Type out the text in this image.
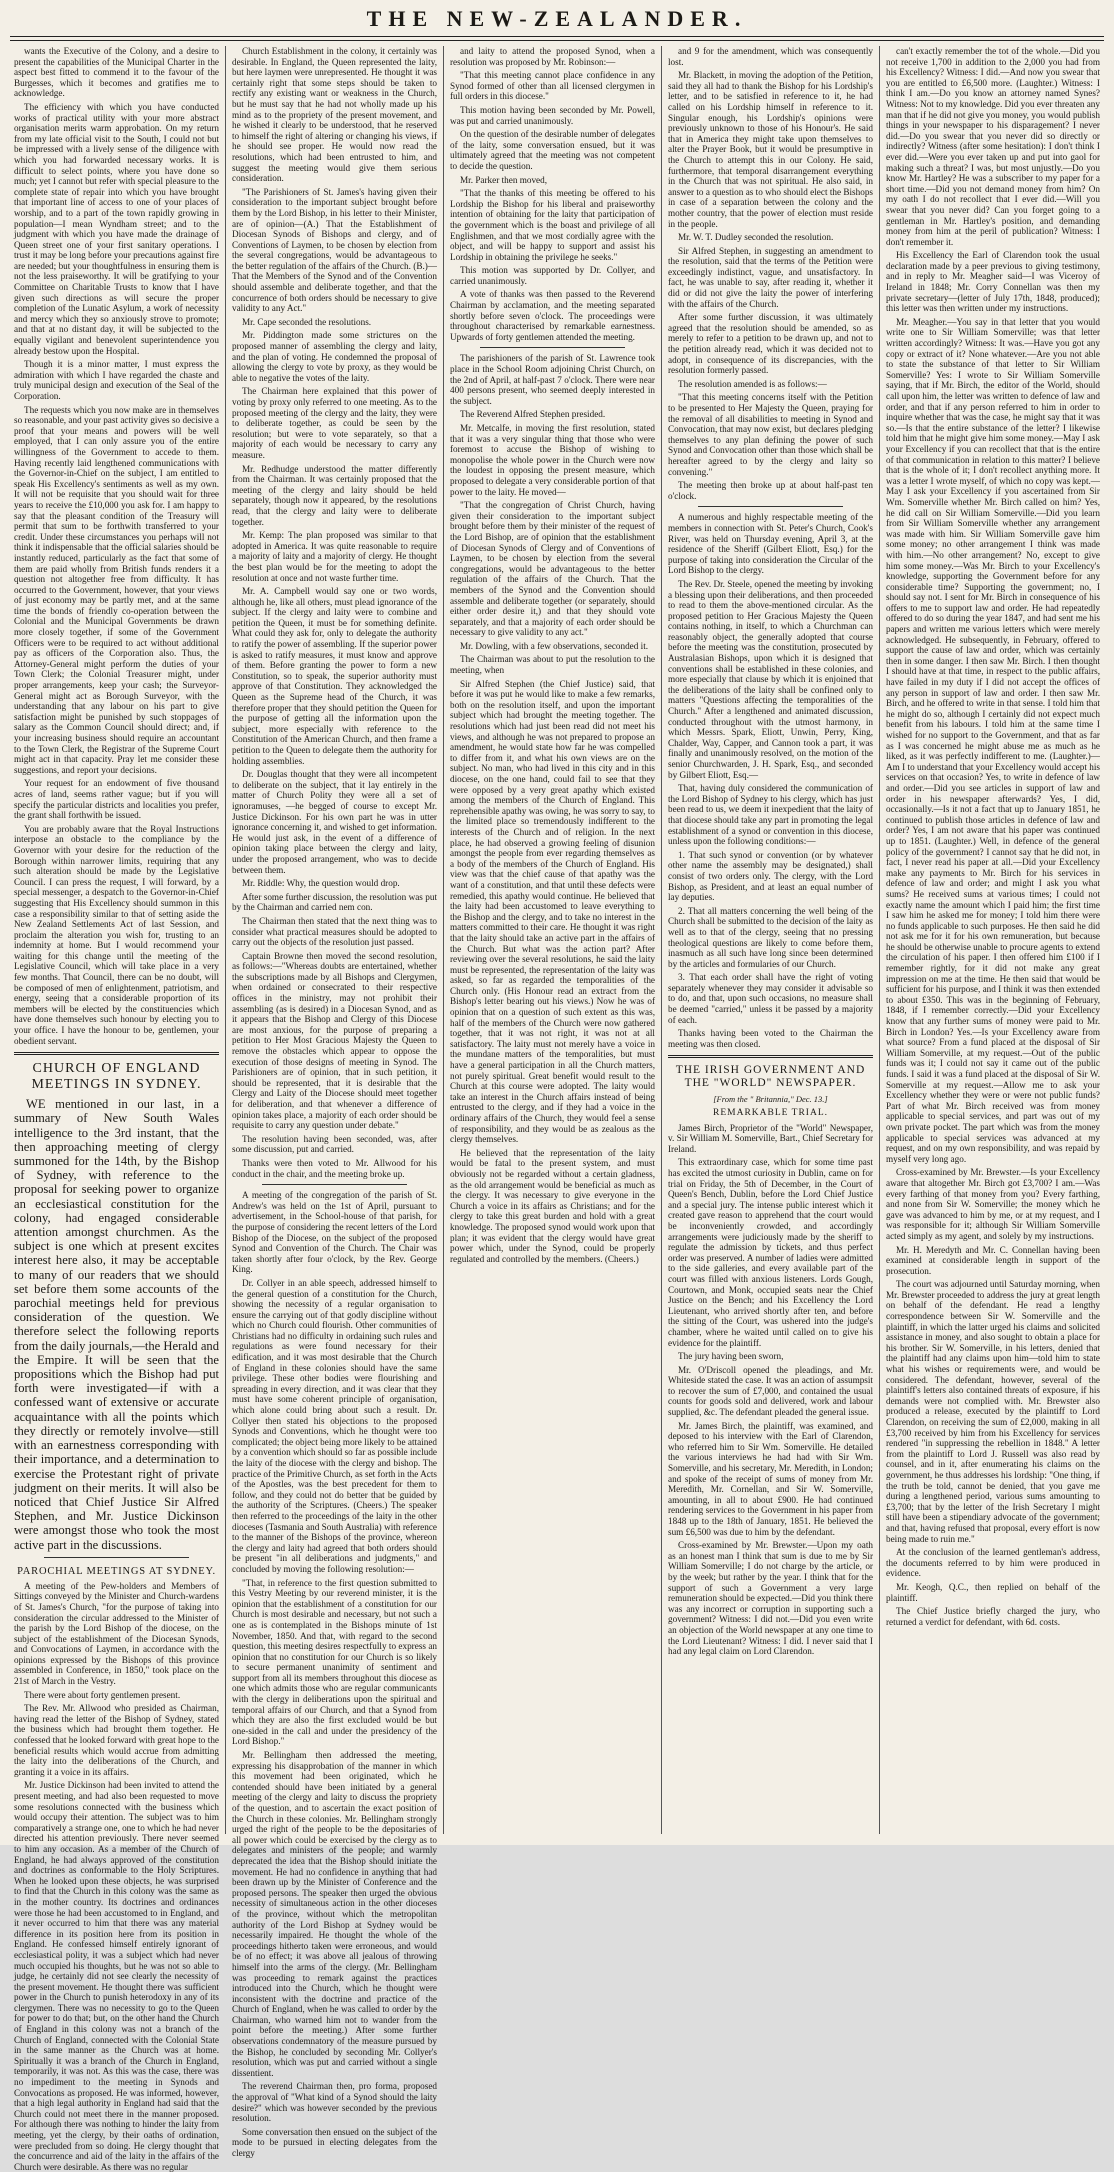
THE NEW-ZEALANDER.

wants the Executive of the Colony, and a desire to present the capabilities of the Municipal Charter in the aspect best fitted to commend it to the favour of the Burgesses, which it becomes and gratifies me to acknowledge.

The efficiency with which you have conducted works of practical utility with your more abstract organisation merits warm approbation. On my return from my late official visit to the South, I could not but be impressed with a lively sense of the diligence with which you had forwarded necessary works. It is difficult to select points, where you have done so much; yet I cannot but refer with special pleasure to the complete state of repair into which you have brought that important line of access to one of your places of worship, and to a part of the town rapidly growing in population—I mean Wyndham street; and to the judgment with which you have made the drainage of Queen street one of your first sanitary operations. I trust it may be long before your precautions against fire are needed; but your thoughtfulness in ensuring them is not the less praiseworthy. It will be gratifying to your Committee on Charitable Trusts to know that I have given such directions as will secure the proper completion of the Lunatic Asylum, a work of necessity and mercy which they so anxiously strove to promote; and that at no distant day, it will be subjected to the equally vigilant and benevolent superintendence you already bestow upon the Hospital.

Though it is a minor matter, I must express the admiration with which I have regarded the chaste and truly municipal design and execution of the Seal of the Corporation.

The requests which you now make are in themselves so reasonable, and your past activity gives so decisive a proof that your means and powers will be well employed, that I can only assure you of the entire willingness of the Government to accede to them. Having recently laid lengthened communications with the Governor-in-Chief on the subject, I am entitled to speak His Excellency's sentiments as well as my own. It will not be requisite that you should wait for three years to receive the £10,000 you ask for. I am happy to say that the pleasant condition of the Treasury will permit that sum to be forthwith transferred to your credit. Under these circumstances you perhaps will not think it indispensable that the official salaries should be instantly reduced, particularly as the fact that some of them are paid wholly from British funds renders it a question not altogether free from difficulty. It has occurred to the Government, however, that your views of just economy may be partly met, and at the same time the bonds of friendly co-operation between the Colonial and the Municipal Governments be drawn more closely together, if some of the Government Officers were to be required to act without additional pay as officers of the Corporation also. Thus, the Attorney-General might perform the duties of your Town Clerk; the Colonial Treasurer might, under proper arrangements, keep your cash; the Surveyor-General might act as Borough Surveyor, with the understanding that any labour on his part to give satisfaction might be punished by such stoppages of salary as the Common Council should direct; and, if your increasing business should require an accountant to the Town Clerk, the Registrar of the Supreme Court might act in that capacity. Pray let me consider these suggestions, and report your decisions.

Your request for an endowment of five thousand acres of land, seems rather vague; but if you will specify the particular districts and localities you prefer, the grant shall forthwith be issued.

You are probably aware that the Royal Instructions interpose an obstacle to the compliance by the Governor with your desire for the reduction of the Borough within narrower limits, requiring that any such alteration should be made by the Legislative Council. I can press the request, I will forward, by a special messenger, a despatch to the Governor-in-Chief suggesting that His Excellency should summon in this case a responsibility similar to that of setting aside the New Zealand Settlements Act of last Session, and proclaim the alteration you wish for, trusting to an indemnity at home. But I would recommend your waiting for this change until the meeting of the Legislative Council, which will take place in a very few months. That Council, there can be no doubt, will be composed of men of enlightenment, patriotism, and energy, seeing that a considerable proportion of its members will be elected by the constituencies which have done themselves such honour by electing you to your office. I have the honour to be, gentlemen, your obedient servant.

CHURCH OF ENGLAND MEETINGS IN SYDNEY.

WE mentioned in our last, in a summary of New South Wales intelligence to the 3rd instant, that the then approaching meeting of clergy summoned for the 14th, by the Bishop of Sydney, with reference to the proposal for seeking power to organize an ecclesiastical constitution for the colony, had engaged considerable attention amongst churchmen. As the subject is one which at present excites interest here also, it may be acceptable to many of our readers that we should set before them some accounts of the parochial meetings held for previous consideration of the question. We therefore select the following reports from the daily journals,—the Herald and the Empire. It will be seen that the propositions which the Bishop had put forth were investigated—if with a confessed want of extensive or accurate acquaintance with all the points which they directly or remotely involve—still with an earnestness corresponding with their importance, and a determination to exercise the Protestant right of private judgment on their merits. It will also be noticed that Chief Justice Sir Alfred Stephen, and Mr. Justice Dickinson were amongst those who took the most active part in the discussions.

PAROCHIAL MEETINGS AT SYDNEY.

A meeting of the Pew-holders and Members of Sittings conveyed by the Minister and Church-wardens of St. James's Church, "for the purpose of taking into consideration the circular addressed to the Minister of the parish by the Lord Bishop of the diocese, on the subject of the establishment of the Diocesan Synods, and Convocations of Laymen, in accordance with the opinions expressed by the Bishops of this province assembled in Conference, in 1850," took place on the 21st of March in the Vestry.

There were about forty gentlemen present.

The Rev. Mr. Allwood who presided as Chairman, having read the letter of the Bishop of Sydney, stated the business which had brought them together. He confessed that he looked forward with great hope to the beneficial results which would accrue from admitting the laity into the deliberations of the Church, and granting it a voice in its affairs.

Mr. Justice Dickinson had been invited to attend the present meeting, and had also been requested to move some resolutions connected with the business which would occupy their attention. The subject was to him comparatively a strange one, one to which he had never directed his attention previously. There never seemed to him any occasion. As a member of the Church of England, he had always approved of the constitution and doctrines as conformable to the Holy Scriptures. When he looked upon these objects, he was surprised to find that the Church in this colony was the same as in the mother country. Its doctrines and ordinances were those he had been accustomed to in England, and it never occurred to him that there was any material difference in its position here from its position in England. He confessed himself entirely ignorant of ecclesiastical polity, it was a subject which had never much occupied his thoughts, but he was not so able to judge, he certainly did not see clearly the necessity of the present movement. He thought there was sufficient power in the Church to punish heterodoxy in any of its clergymen. There was no necessity to go to the Queen for power to do that; but, on the other hand the Church of England in this colony was not a branch of the Church of England, connected with the Colonial State in the same manner as the Church was at home. Spiritually it was a branch of the Church in England, temporarily, it was not. As this was the case, there was no impediment to the meeting in Synods and Convocations as proposed. He was informed, however, that a high legal authority in England had said that the Church could not meet there in the manner proposed. For although there was nothing to hinder the laity from meeting, yet the clergy, by their oaths of ordination, were precluded from so doing. He clergy thought that the concurrence and aid of the laity in the affairs of the Church were desirable. As there was no regular

Church Establishment in the colony, it certainly was desirable. In England, the Queen represented the laity, but here laymen were unrepresented. He thought it was certainly right that some steps should be taken to rectify any existing want or weakness in the Church, but he must say that he had not wholly made up his mind as to the propriety of the present movement, and he wished it clearly to be understood, that he reserved to himself the right of altering or changing his views, if he should see proper. He would now read the resolutions, which had been entrusted to him, and suggest the meeting would give them serious consideration.

"The Parishioners of St. James's having given their consideration to the important subject brought before them by the Lord Bishop, in his letter to their Minister, are of opinion—(A.) That the Establishment of Diocesan Synods of Bishops and clergy, and of Conventions of Laymen, to be chosen by election from the several congregations, would be advantageous to the better regulation of the affairs of the Church. (B.)—That the Members of the Synod and of the Convention should assemble and deliberate together, and that the concurrence of both orders should be necessary to give validity to any Act."

Mr. Cape seconded the resolutions.

Mr. Piddington made some strictures on the proposed manner of assembling the clergy and laity, and the plan of voting. He condemned the proposal of allowing the clergy to vote by proxy, as they would be able to negative the votes of the laity.

The Chairman here explained that this power of voting by proxy only referred to one meeting. As to the proposed meeting of the clergy and the laity, they were to deliberate together, as could be seen by the resolution; but were to vote separately, so that a majority of each would be necessary to carry any measure.

Mr. Redhudge understood the matter differently from the Chairman. It was certainly proposed that the meeting of the clergy and laity should be held separately, though now it appeared, by the resolutions read, that the clergy and laity were to deliberate together.

Mr. Kemp: The plan proposed was similar to that adopted in America. It was quite reasonable to require a majority of laity and a majority of clergy. He thought the best plan would be for the meeting to adopt the resolution at once and not waste further time.

Mr. A. Campbell would say one or two words, although he, like all others, must plead ignorance of the subject. If the clergy and laity were to combine and petition the Queen, it must be for something definite. What could they ask for, only to delegate the authority to ratify the power of assembling. If the superior power is asked to ratify measures, it must know and approve of them. Before granting the power to form a new Constitution, so to speak, the superior authority must approve of that Constitution. They acknowledged the Queen as the Supreme head of the Church, it was therefore proper that they should petition the Queen for the purpose of getting all the information upon the subject, more especially with reference to the Constitution of the American Church, and then frame a petition to the Queen to delegate them the authority for holding assemblies.

Dr. Douglas thought that they were all incompetent to deliberate on the subject, that it lay entirely in the matter of Church Polity they were all a set of ignoramuses, —he begged of course to except Mr. Justice Dickinson. For his own part he was in utter ignorance concerning it, and wished to get information. He would just ask, in the event of a difference of opinion taking place between the clergy and laity, under the proposed arrangement, who was to decide between them.

Mr. Riddle: Why, the question would drop.

After some further discussion, the resolution was put by the Chairman and carried nem con.

The Chairman then stated that the next thing was to consider what practical measures should be adopted to carry out the objects of the resolution just passed.

Captain Browne then moved the second resolution, as follows:—"Whereas doubts are entertained, whether the subscriptions made by all Bishops and Clergymen, when ordained or consecrated to their respective offices in the ministry, may not prohibit their assembling (as is desired) in a Diocesan Synod, and as it appears that the Bishop and Clergy of this Diocese are most anxious, for the purpose of preparing a petition to Her Most Gracious Majesty the Queen to remove the obstacles which appear to oppose the execution of those designs of meeting in Synod. The Parishioners are of opinion, that in such petition, it should be represented, that it is desirable that the Clergy and Laity of the Diocese should meet together for deliberation, and that whenever a difference of opinion takes place, a majority of each order should be requisite to carry any question under debate."

The resolution having been seconded, was, after some discussion, put and carried.

Thanks were then voted to Mr. Allwood for his conduct in the chair, and the meeting broke up.

A meeting of the congregation of the parish of St. Andrew's was held on the 1st of April, pursuant to advertisement, in the School-house of that parish, for the purpose of considering the recent letters of the Lord Bishop of the Diocese, on the subject of the proposed Synod and Convention of the Church. The Chair was taken shortly after four o'clock, by the Rev. George King.

Dr. Collyer in an able speech, addressed himself to the general question of a constitution for the Church, showing the necessity of a regular organisation to ensure the carrying out of that godly discipline without which no Church could flourish. Other communities of Christians had no difficulty in ordaining such rules and regulations as were found necessary for their edification, and it was most desirable that the Church of England in these colonies should have the same privilege. These other bodies were flourishing and spreading in every direction, and it was clear that they must have some coherent principle of organisation, which alone could bring about such a result. Dr. Collyer then stated his objections to the proposed Synods and Conventions, which he thought were too complicated; the object being more likely to be attained by a convention which should so far as possible include the laity of the diocese with the clergy and bishop. The practice of the Primitive Church, as set forth in the Acts of the Apostles, was the best precedent for them to follow, and they could not do better that be guided by the authority of the Scriptures. (Cheers.) The speaker then referred to the proceedings of the laity in the other dioceses (Tasmania and South Australia) with reference to the manner of the Bishops of the province, whereon the clergy and laity had agreed that both orders should be present "in all deliberations and judgments," and concluded by moving the following resolution:—

"That, in reference to the first question submitted to this Vestry Meeting by our reverend minister, it is the opinion that the establishment of a constitution for our Church is most desirable and necessary, but not such a one as is contemplated in the Bishops minute of 1st November, 1850. And that, with regard to the second question, this meeting desires respectfully to express an opinion that no constitution for our Church is so likely to secure permanent unanimity of sentiment and support from all its members throughout this diocese as one which admits those who are regular communicants with the clergy in deliberations upon the spiritual and temporal affairs of our Church, and that a Synod from which they are also the first excluded would be but one-sided in the call and under the presidency of the Lord Bishop."

Mr. Bellingham then addressed the meeting, expressing his disapprobation of the manner in which this movement had been originated, which he contended should have been initiated by a general meeting of the clergy and laity to discuss the propriety of the question, and to ascertain the exact position of the Church in these colonies. Mr. Bellingham strongly urged the right of the people to be the depositaries of all power which could be exercised by the clergy as to delegates and ministers of the people; and warmly deprecated the idea that the Bishop should initiate the movement. He had no confidence in anything that had been drawn up by the Minister of Conference and the proposed persons. The speaker then urged the obvious necessity of simultaneous action in the other dioceses of the province, without which the metropolitan authority of the Lord Bishop at Sydney would be necessarily impaired. He thought the whole of the proceedings hitherto taken were erroneous, and would be of no effect; it was above all jealous of throwing himself into the arms of the clergy. (Mr. Bellingham was proceeding to remark against the practices introduced into the Church, which he thought were inconsistent with the doctrine and practice of the Church of England, when he was called to order by the Chairman, who warned him not to wander from the point before the meeting.) After some further observations condemnatory of the measure pursued by the Bishop, he concluded by seconding Mr. Collyer's resolution, which was put and carried without a single dissentient.

The reverend Chairman then, pro forma, proposed the approval of "What kind of a Synod should the laity desire?" which was however seconded by the previous resolution.

Some conversation then ensued on the subject of the mode to be pursued in electing delegates from the clergy

and laity to attend the proposed Synod, when a resolution was proposed by Mr. Robinson:—

"That this meeting cannot place confidence in any Synod formed of other than all licensed clergymen in full orders in this diocese."

This motion having been seconded by Mr. Powell, was put and carried unanimously.

On the question of the desirable number of delegates of the laity, some conversation ensued, but it was ultimately agreed that the meeting was not competent to decide the question.

Mr. Parker then moved,

"That the thanks of this meeting be offered to his Lordship the Bishop for his liberal and praiseworthy intention of obtaining for the laity that participation of the government which is the boast and privilege of all Englishmen, and that we most cordially agree with the object, and will be happy to support and assist his Lordship in obtaining the privilege he seeks."

This motion was supported by Dr. Collyer, and carried unanimously.

A vote of thanks was then passed to the Reverend Chairman by acclamation, and the meeting separated shortly before seven o'clock. The proceedings were throughout characterised by remarkable earnestness. Upwards of forty gentlemen attended the meeting.

The parishioners of the parish of St. Lawrence took place in the School Room adjoining Christ Church, on the 2nd of April, at half-past 7 o'clock. There were near 400 persons present, who seemed deeply interested in the subject.

The Reverend Alfred Stephen presided.

Mr. Metcalfe, in moving the first resolution, stated that it was a very singular thing that those who were foremost to accuse the Bishop of wishing to monopolise the whole power in the Church were now the loudest in opposing the present measure, which proposed to delegate a very considerable portion of that power to the laity. He moved—

"That the congregation of Christ Church, having given their consideration to the important subject brought before them by their minister of the request of the Lord Bishop, are of opinion that the establishment of Diocesan Synods of Clergy and of Conventions of Laymen, to be chosen by election from the several congregations, would be advantageous to the better regulation of the affairs of the Church. That the members of the Synod and the Convention should assemble and deliberate together (or separately, should either order desire it,) and that they should vote separately, and that a majority of each order should be necessary to give validity to any act."

Mr. Dowling, with a few observations, seconded it.

The Chairman was about to put the resolution to the meeting, when

Sir Alfred Stephen (the Chief Justice) said, that before it was put he would like to make a few remarks, both on the resolution itself, and upon the important subject which had brought the meeting together. The resolutions which had just been read did not meet his views, and although he was not prepared to propose an amendment, he would state how far he was compelled to differ from it, and what his own views are on the subject. No man, who had lived in this city and in this diocese, on the one hand, could fail to see that they were opposed by a very great apathy which existed among the members of the Church of England. This reprehensible apathy was owing, he was sorry to say, to the limited place so tremendously indifferent to the interests of the Church and of religion. In the next place, he had observed a growing feeling of disunion amongst the people from ever regarding themselves as a body of the members of the Church of England. His view was that the chief cause of that apathy was the want of a constitution, and that until these defects were remedied, this apathy would continue. He believed that the laity had been accustomed to leave everything to the Bishop and the clergy, and to take no interest in the matters committed to their care. He thought it was right that the laity should take an active part in the affairs of the Church. But what was the action part? After reviewing over the several resolutions, he said the laity must be represented, the representation of the laity was asked, so far as regarded the temporalities of the Church only. (His Honour read an extract from the Bishop's letter bearing out his views.) Now he was of opinion that on a question of such extent as this was, half of the members of the Church were now gathered together, that it was not right, it was not at all satisfactory. The laity must not merely have a voice in the mundane matters of the temporalities, but must have a general participation in all the Church matters, not purely spiritual. Great benefit would result to the Church at this course were adopted. The laity would take an interest in the Church affairs instead of being entrusted to the clergy, and if they had a voice in the ordinary affairs of the Church, they would feel a sense of responsibility, and they would be as zealous as the clergy themselves.

He believed that the representation of the laity would be fatal to the present system, and must obviously not be regarded without a certain gladness, as the old arrangement would be beneficial as much as the clergy. It was necessary to give everyone in the Church a voice in its affairs as Christians; and for the clergy to take this great burden and hold with a great knowledge. The proposed synod would work upon that plan; it was evident that the clergy would have great power which, under the Synod, could be properly regulated and controlled by the members. (Cheers.)

and 9 for the amendment, which was consequently lost.

Mr. Blackett, in moving the adoption of the Petition, said they all had to thank the Bishop for his Lordship's letter, and to be satisfied in reference to it, he had called on his Lordship himself in reference to it. Singular enough, his Lordship's opinions were previously unknown to those of his Honour's. He said that in America they might take upon themselves to alter the Prayer Book, but it would be presumptive in the Church to attempt this in our Colony. He said, furthermore, that temporal disarrangement everything in the Church that was not spiritual. He also said, in answer to a question as to who should elect the Bishops in case of a separation between the colony and the mother country, that the power of election must reside in the people.

Mr. W. T. Dudley seconded the resolution.

Sir Alfred Stephen, in suggesting an amendment to the resolution, said that the terms of the Petition were exceedingly indistinct, vague, and unsatisfactory. In fact, he was unable to say, after reading it, whether it did or did not give the laity the power of interfering with the affairs of the Church.

After some further discussion, it was ultimately agreed that the resolution should be amended, so as merely to refer to a petition to be drawn up, and not to the petition already read, which it was decided not to adopt, in consequence of its discrepancies, with the resolution formerly passed.

The resolution amended is as follows:—

"That this meeting concerns itself with the Petition to be presented to Her Majesty the Queen, praying for the removal of all disabilities to meeting in Synod and Convocation, that may now exist, but declares pledging themselves to any plan defining the power of such Synod and Convocation other than those which shall be hereafter agreed to by the clergy and laity so convening."

The meeting then broke up at about half-past ten o'clock.

A numerous and highly respectable meeting of the members in connection with St. Peter's Church, Cook's River, was held on Thursday evening, April 3, at the residence of the Sheriff (Gilbert Eliott, Esq.) for the purpose of taking into consideration the Circular of the Lord Bishop to the clergy.

The Rev. Dr. Steele, opened the meeting by invoking a blessing upon their deliberations, and then proceeded to read to them the above-mentioned circular. As the proposed petition to Her Gracious Majesty the Queen contains nothing, in itself, to which a Churchman can reasonably object, the generally adopted that course before the meeting was the constitution, prosecuted by Australasian Bishops, upon which it is designed that conventions shall be established in these colonies, and more especially that clause by which it is enjoined that the deliberations of the laity shall be confined only to matters "Questions affecting the temporalities of the Church." After a lengthened and animated discussion, conducted throughout with the utmost harmony, in which Messrs. Spark, Eliott, Unwin, Perry, King, Chalder, Way, Capper, and Cannon took a part, it was finally and unanimously resolved, on the motion of the senior Churchwarden, J. H. Spark, Esq., and seconded by Gilbert Eliott, Esq.—

That, having duly considered the communication of the Lord Bishop of Sydney to his clergy, which has just been read to us, we deem it inexpedient that the laity of that diocese should take any part in promoting the legal establishment of a synod or convention in this diocese, unless upon the following conditions:—

1. That such synod or convention (or by whatever other name the assembly may be designated,) shall consist of two orders only. The clergy, with the Lord Bishop, as President, and at least an equal number of lay deputies.

2. That all matters concerning the well being of the Church shall be submitted to the decision of the laity as well as to that of the clergy, seeing that no pressing theological questions are likely to come before them, inasmuch as all such have long since been determined by the articles and formularies of our Church.

3. That each order shall have the right of voting separately whenever they may consider it advisable so to do, and that, upon such occasions, no measure shall be deemed "carried," unless it be passed by a majority of each.

Thanks having been voted to the Chairman the meeting was then closed.

THE IRISH GOVERNMENT AND THE "WORLD" NEWSPAPER.
[From the " Britannia," Dec. 13.]
REMARKABLE TRIAL.

James Birch, Proprietor of the "World" Newspaper, v. Sir William M. Somerville, Bart., Chief Secretary for Ireland.

This extraordinary case, which for some time past has excited the utmost curiosity in Dublin, came on for trial on Friday, the 5th of December, in the Court of Queen's Bench, Dublin, before the Lord Chief Justice and a special jury. The intense public interest which it created gave reason to apprehend that the court would be inconveniently crowded, and accordingly arrangements were judiciously made by the sheriff to regulate the admission by tickets, and thus perfect order was preserved. A number of ladies were admitted to the side galleries, and every available part of the court was filled with anxious listeners. Lords Gough, Courtown, and Monk, occupied seats near the Chief Justice on the Bench; and his Excellency the Lord Lieutenant, who arrived shortly after ten, and before the sitting of the Court, was ushered into the judge's chamber, where he waited until called on to give his evidence for the plaintiff.

The jury having been sworn,

Mr. O'Driscoll opened the pleadings, and Mr. Whiteside stated the case. It was an action of assumpsit to recover the sum of £7,000, and contained the usual counts for goods sold and delivered, work and labour supplied, &c. The defendant pleaded the general issue.

Mr. James Birch, the plaintiff, was examined, and deposed to his interview with the Earl of Clarendon, who referred him to Sir Wm. Somerville. He detailed the various interviews he had had with Sir Wm. Somerville, and his secretary, Mr. Meredith, in London; and spoke of the receipt of sums of money from Mr. Meredith, Mr. Cornellan, and Sir W. Somerville, amounting, in all to about £900. He had continued rendering services to the Government in his paper from 1848 up to the 18th of January, 1851. He believed the sum £6,500 was due to him by the defendant.

Cross-examined by Mr. Brewster.—Upon my oath as an honest man I think that sum is due to me by Sir William Somerville; I do not charge by the article, or by the week; but rather by the year. I think that for the support of such a Government a very large remuneration should be expected.—Did you think there was any incorrect or corruption in supporting such a government? Witness: I did not.—Did you even write an objection of the World newspaper at any one time to the Lord Lieutenant? Witness: I did. I never said that I had any legal claim on Lord Clarendon.

can't exactly remember the tot of the whole.—Did you not receive 1,700 in addition to the 2,000 you had from his Excellency? Witness: I did.—And now you swear that you are entitled to £6,500 more. (Laughter.) Witness: I think I am.—Do you know an attorney named Synes? Witness: Not to my knowledge. Did you ever threaten any man that if he did not give you money, you would publish things in your newspaper to his disparagement? I never did.—Do you swear that you never did so directly or indirectly? Witness (after some hesitation): I don't think I ever did.—Were you ever taken up and put into gaol for making such a threat? I was, but most unjustly.—Do you know Mr. Hartley? He was a subscriber to my paper for a short time.—Did you not demand money from him? On my oath I do not recollect that I ever did.—Will you swear that you never did? Can you forget going to a gentleman in Mr. Hartley's position, and demanding money from him at the peril of publication? Witness: I don't remember it.

His Excellency the Earl of Clarendon took the usual declaration made by a peer previous to giving testimony, and in reply to Mr. Meagher said—I was Viceroy of Ireland in 1848; Mr. Corry Connellan was then my private secretary—(letter of July 17th, 1848, produced); this letter was then written under my instructions.

Mr. Meagher.—You say in that letter that you would write one to Sir William Somerville; was that letter written accordingly? Witness: It was.—Have you got any copy or extract of it? None whatever.—Are you not able to state the substance of that letter to Sir William Somerville? Yes: I wrote to Sir William Somerville saying, that if Mr. Birch, the editor of the World, should call upon him, the letter was written to defence of law and order, and that if any person referred to him in order to inquire whether that was the case, he might say that it was so.—Is that the entire substance of the letter? I likewise told him that he might give him some money.—May I ask your Excellency if you can recollect that that is the entire of that communication in relation to this matter? I believe that is the whole of it; I don't recollect anything more. It was a letter I wrote myself, of which no copy was kept.—May I ask your Excellency if you ascertained from Sir Wm. Somerville whether Mr. Birch called on him? Yes, he did call on Sir William Somerville.—Did you learn from Sir William Somerville whether any arrangement was made with him. Sir William Somerville gave him some money; no other arrangement I think was made with him.—No other arrangement? No, except to give him some money.—Was Mr. Birch to your Excellency's knowledge, supporting the Government before for any considerable time? Supporting the government; no, I should say not. I sent for Mr. Birch in consequence of his offers to me to support law and order. He had repeatedly offered to do so during the year 1847, and had sent me his papers and written me various letters which were merely acknowledged. He subsequently, in February, offered to support the cause of law and order, which was certainly then in some danger. I then saw Mr. Birch. I then thought I should have at that time, in respect to the public affairs, have failed in my duty if I did not accept the offices of any person in support of law and order. I then saw Mr. Birch, and he offered to write in that sense. I told him that he might do so, although I certainly did not expect much benefit from his labours. I told him at the same time I wished for no support to the Government, and that as far as I was concerned he might abuse me as much as he liked, as it was perfectly indifferent to me. (Laughter.)—Am I to understand that your Excellency would accept his services on that occasion? Yes, to write in defence of law and order.—Did you see articles in support of law and order in his newspaper afterwards? Yes, I did, occasionally.—Is it not a fact that up to January 1851, he continued to publish those articles in defence of law and order? Yes, I am not aware that his paper was continued up to 1851. (Laughter.) Well, in defence of the general policy of the government? I cannot say that he did not, in fact, I never read his paper at all.—Did your Excellency make any payments to Mr. Birch for his services in defence of law and order; and might I ask you what sums? He received sums at various times; I could not exactly name the amount which I paid him; the first time I saw him he asked me for money; I told him there were no funds applicable to such purposes. He then said he did not ask me for it for his own remuneration, but because he should be otherwise unable to procure agents to extend the circulation of his paper. I then offered him £100 if I remember rightly, for it did not make any great impression on me at the time. He then said that would be sufficient for his purpose, and I think it was then extended to about £350. This was in the beginning of February, 1848, if I remember correctly.—Did your Excellency know that any further sums of money were paid to Mr. Birch in London? Yes.—Is your Excellency aware from what source? From a fund placed at the disposal of Sir William Somerville, at my request.—Out of the public funds was it; I could not say it came out of the public funds. I said it was a fund placed at the disposal of Sir W. Somerville at my request.—Allow me to ask your Excellency whether they were or were not public funds? Part of what Mr. Birch received was from money applicable to special services, and part was out of my own private pocket. The part which was from the money applicable to special services was advanced at my request, and on my own responsibility, and was repaid by myself very long ago.

Cross-examined by Mr. Brewster.—Is your Excellency aware that altogether Mr. Birch got £3,700? I am.—Was every farthing of that money from you? Every farthing, and none from Sir W. Somerville; the money which he gave was advanced to him by me, or at my request, and I was responsible for it; although Sir William Somerville acted simply as my agent, and solely by my instructions.

Mr. H. Meredyth and Mr. C. Connellan having been examined at considerable length in support of the prosecution.

The court was adjourned until Saturday morning, when Mr. Brewster proceeded to address the jury at great length on behalf of the defendant. He read a lengthy correspondence between Sir W. Somerville and the plaintiff, in which the latter urged his claims and solicited assistance in money, and also sought to obtain a place for his brother. Sir W. Somerville, in his letters, denied that the plaintiff had any claims upon him—told him to state what his wishes or requirements were, and would be considered. The defendant, however, several of the plaintiff's letters also contained threats of exposure, if his demands were not complied with. Mr. Brewster also produced a release, executed by the plaintiff to Lord Clarendon, on receiving the sum of £2,000, making in all £3,700 received by him from his Excellency for services rendered "in suppressing the rebellion in 1848." A letter from the plaintiff to Lord J. Russell was also read by counsel, and in it, after enumerating his claims on the government, he thus addresses his lordship: "One thing, if the truth be told, cannot be denied, that you gave me during a lengthened period, various sums amounting to £3,700; that by the letter of the Irish Secretary I might still have been a stipendiary advocate of the government; and that, having refused that proposal, every effort is now being made to ruin me."

At the conclusion of the learned gentleman's address, the documents referred to by him were produced in evidence.

Mr. Keogh, Q.C., then replied on behalf of the plaintiff.

The Chief Justice briefly charged the jury, who returned a verdict for defendant, with 6d. costs.
